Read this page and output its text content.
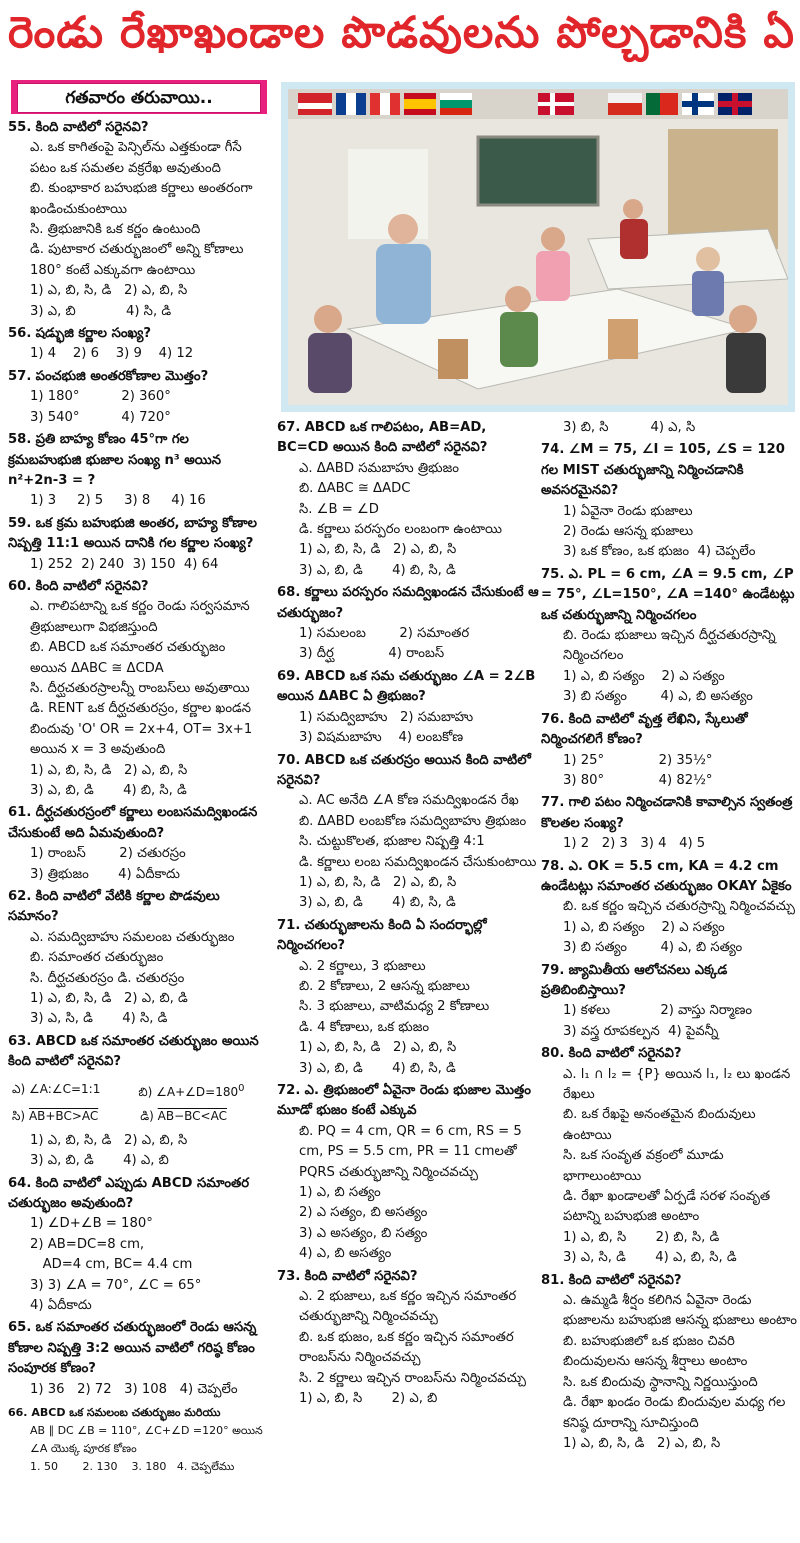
రెండు రేఖాఖండాల పొడవులను పోల్చడానికి ఏ
గతవారం తరువాయి..
55. కింది వాటిలో సరైనవి?
ఎ. ఒక కాగితంపై పెన్సిల్‌ను ఎత్తకుండా గీసే పటం ఒక సమతల వక్రరేఖ అవుతుంది
బి. కుంభాకార బహుభుజి కర్ణాలు అంతరంగా ఖండించుకుంటాయి
సి. త్రిభుజానికి ఒక కర్ణం ఉంటుంది
డి. పుటాకార చతుర్భుజంలో అన్ని కోణాలు 180° కంటే ఎక్కువగా ఉంటాయి
1) ఎ, బి, సి, డి   2) ఎ, బి, సి
3) ఎ, బి            4) సి, డి
56. షడ్భుజి కర్ణాల సంఖ్య?
1) 4    2) 6    3) 9    4) 12
57. పంచభుజి అంతరకోణాల మొత్తం?
1) 180°          2) 360°
3) 540°          4) 720°
58. ప్రతి బాహ్య కోణం 45°గా గల క్రమబహుభుజి భుజాల సంఖ్య n³ అయిన n²+2n-3 = ?
1) 3     2) 5     3) 8     4) 16
59. ఒక క్రమ బహుభుజి అంతర, బాహ్య కోణాల నిష్పత్తి 11:1 అయిన దానికి గల కర్ణాల సంఖ్య?
1) 252  2) 240  3) 150  4) 64
60. కింది వాటిలో సరైనవి?
ఎ. గాలిపటాన్ని ఒక కర్ణం రెండు సర్వసమాన త్రిభుజాలుగా విభజిస్తుంది
బి. ABCD ఒక సమాంతర చతుర్భుజం అయిన ΔABC ≅ ΔCDA
సి. దీర్ఘచతురస్రాలన్నీ రాంబస్‌లు అవుతాయి
డి. RENT ఒక దీర్ఘచతురస్రం, కర్ణాల ఖండన బిందువు 'O' OR = 2x+4, OT= 3x+1 అయిన x = 3 అవుతుంది
1) ఎ, బి, సి, డి   2) ఎ, బి, సి
3) ఎ, బి, డి       4) బి, సి, డి
61. దీర్ఘచతురస్రంలో కర్ణాలు లంబసమద్విఖండన చేసుకుంటే అది ఏమవుతుంది?
1) రాంబస్        2) చతురస్రం
3) త్రిభుజం       4) ఏదీకాదు
62. కింది వాటిలో వేటికి కర్ణాల పొడవులు సమానం?
ఎ. సమద్విబాహు సమలంబ చతుర్భుజం
బి. సమాంతర చతుర్భుజం
సి. దీర్ఘచతురస్రం డి. చతురస్రం
1) ఎ, బి, సి, డి   2) ఎ, బి, డి
3) ఎ, సి, డి       4) సి, డి
63. ABCD ఒక సమాంతర చతుర్భుజం అయిన కింది వాటిలో సరైనవి?
1) ఎ, బి, సి, డి   2) ఎ, బి, సి
3) ఎ, బి, డి       4) ఎ, బి
64. కింది వాటిలో ఎప్పుడు ABCD సమాంతర చతుర్భుజం అవుతుంది?
1) ∠D+∠B = 180°
2) AB=DC=8 cm,
AD=4 cm, BC= 4.4 cm
3) 3) ∠A = 70°, ∠C = 65°
4) ఏదీకాదు
65. ఒక సమాంతర చతుర్భుజంలో రెండు ఆసన్న కోణాల నిష్పత్తి 3:2 అయిన వాటిలో గరిష్ఠ కోణం సంపూరక కోణం?
1) 36   2) 72   3) 108   4) చెప్పలేం
ఎ) ∠A:∠C=1:1	బి) $\angle A+\angle D=180^0$
సి) AB+BC>AC	డి) AB−BC<AC
66. ABCD ఒక సమలంబ చతుర్భుజం మరియు
AB ∥ DC ∠B = 110°, ∠C+∠D =120° అయిన
∠A యొక్క పూరక కోణం
1. 50       2. 130    3. 180   4. చెప్పలేము
67. ABCD ఒక గాలిపటం, AB=AD, BC=CD అయిన కింది వాటిలో సరైనవి?
ఎ. ΔABD సమబాహు త్రిభుజం
బి. ΔABC ≅ ΔADC
సి. ∠B = ∠D
డి. కర్ణాలు పరస్పరం లంబంగా ఉంటాయి
1) ఎ, బి, సి, డి   2) ఎ, బి, సి
3) ఎ, బి, డి       4) బి, సి, డి
68. కర్ణాలు పరస్పరం సమద్విఖండన చేసుకుంటే ఆ చతుర్భుజం?
1) సమలంబ        2) సమాంతర
3) దీర్ఘ             4) రాంబస్
69. ABCD ఒక సమ చతుర్భుజం ∠A = 2∠B అయిన ΔABC ఏ త్రిభుజం?
1) సమద్విబాహు   2) సమబాహు
3) విషమబాహు    4) లంబకోణ
70. ABCD ఒక చతురస్రం అయిన కింది వాటిలో సరైనవి?
ఎ. AC అనేది ∠A కోణ సమద్విఖండన రేఖ
బి. ΔABD లంబకోణ సమద్విబాహు త్రిభుజం
సి. చుట్టుకొలత, భుజాల నిష్పత్తి 4:1
డి. కర్ణాలు లంబ సమద్విఖండన చేసుకుంటాయి
1) ఎ, బి, సి, డి   2) ఎ, బి, సి
3) ఎ, బి, డి       4) బి, సి, డి
71. చతుర్భుజాలను కింది ఏ సందర్భాల్లో నిర్మించగలం?
ఎ. 2 కర్ణాలు, 3 భుజాలు
బి. 2 కోణాలు, 2 ఆసన్న భుజాలు
సి. 3 భుజాలు, వాటిమధ్య 2 కోణాలు
డి. 4 కోణాలు, ఒక భుజం
1) ఎ, బి, సి, డి   2) ఎ, బి, సి
3) ఎ, బి, డి       4) బి, సి, డి
72. ఎ. త్రిభుజంలో ఏవైనా రెండు భుజాల మొత్తం మూడో భుజం కంటే ఎక్కువ
బి. PQ = 4 cm, QR = 6 cm, RS = 5 cm, PS = 5.5 cm, PR = 11 cmలతో PQRS చతుర్భుజాన్ని నిర్మించవచ్చు
1) ఎ, బి సత్యం
2) ఎ సత్యం, బి అసత్యం
3) ఎ అసత్యం, బి సత్యం
4) ఎ, బి అసత్యం
73. కింది వాటిలో సరైనవి?
ఎ. 2 భుజాలు, ఒక కర్ణం ఇచ్చిన సమాంతర చతుర్భుజాన్ని నిర్మించవచ్చు
బి. ఒక భుజం, ఒక కర్ణం ఇచ్చిన సమాంతర రాంబస్‌ను నిర్మించవచ్చు
సి. 2 కర్ణాలు ఇచ్చిన రాంబస్‌ను నిర్మించవచ్చు
1) ఎ, బి, సి       2) ఎ, బి
3) బి, సి          4) ఎ, సి
74. ∠M = 75, ∠I = 105, ∠S = 120 గల MIST చతుర్భుజాన్ని నిర్మించడానికి అవసరమైనవి?
1) ఏవైనా రెండు భుజాలు
2) రెండు ఆసన్న భుజాలు
3) ఒక కోణం, ఒక భుజం  4) చెప్పలేం
75. ఎ. PL = 6 cm, ∠A = 9.5 cm, ∠P = 75°, ∠L=150°, ∠A =140° ఉండేటట్లు ఒక చతుర్భుజాన్ని నిర్మించగలం
బి. రెండు భుజాలు ఇచ్చిన దీర్ఘచతురస్రాన్ని నిర్మించగలం
1) ఎ, బి సత్యం    2) ఎ సత్యం
3) బి సత్యం        4) ఎ, బి అసత్యం
76. కింది వాటిలో వృత్త లేఖిని, స్కేలుతో నిర్మించగలిగే కోణం?
1) 25°             2) 35½°
3) 80°             4) 82½°
77. గాలి పటం నిర్మించడానికి కావాల్సిన స్వతంత్ర కొలతల సంఖ్య?
1) 2   2) 3   3) 4   4) 5
78. ఎ. OK = 5.5 cm, KA = 4.2 cm ఉండేటట్లు సమాంతర చతుర్భుజం OKAY ఏకైకం
బి. ఒక కర్ణం ఇచ్చిన చతురస్రాన్ని నిర్మించవచ్చు
1) ఎ, బి సత్యం    2) ఎ సత్యం
3) బి సత్యం        4) ఎ, బి సత్యం
79. జ్యామితీయ ఆలోచనలు ఎక్కడ ప్రతిబింబిస్తాయి?
1) కళలు            2) వాస్తు నిర్మాణం
3) వస్త్ర రూపకల్పన  4) పైవన్నీ
80. కింది వాటిలో సరైనవి?
ఎ. l₁ ∩ l₂ = {P} అయిన l₁, l₂ లు ఖండన రేఖలు
బి. ఒక రేఖపై అనంతమైన బిందువులు ఉంటాయి
సి. ఒక సంవృత వక్రంలో మూడు భాగాలుంటాయి
డి. రేఖా ఖండాలతో ఏర్పడే సరళ సంవృత పటాన్ని బహుభుజి అంటాం
1) ఎ, బి, సి       2) బి, సి, డి
3) ఎ, సి, డి       4) ఎ, బి, సి, డి
81. కింది వాటిలో సరైనవి?
ఎ. ఉమ్మడి శీర్షం కలిగిన ఏవైనా రెండు భుజాలను బహుభుజి ఆసన్న భుజాలు అంటాం
బి. బహుభుజిలో ఒక భుజం చివరి బిందువులను ఆసన్న శీర్షాలు అంటాం
సి. ఒక బిందువు స్థానాన్ని నిర్ణయిస్తుంది
డి. రేఖా ఖండం రెండు బిందువుల మధ్య గల కనిష్ఠ దూరాన్ని సూచిస్తుంది
1) ఎ, బి, సి, డి   2) ఎ, బి, సి
